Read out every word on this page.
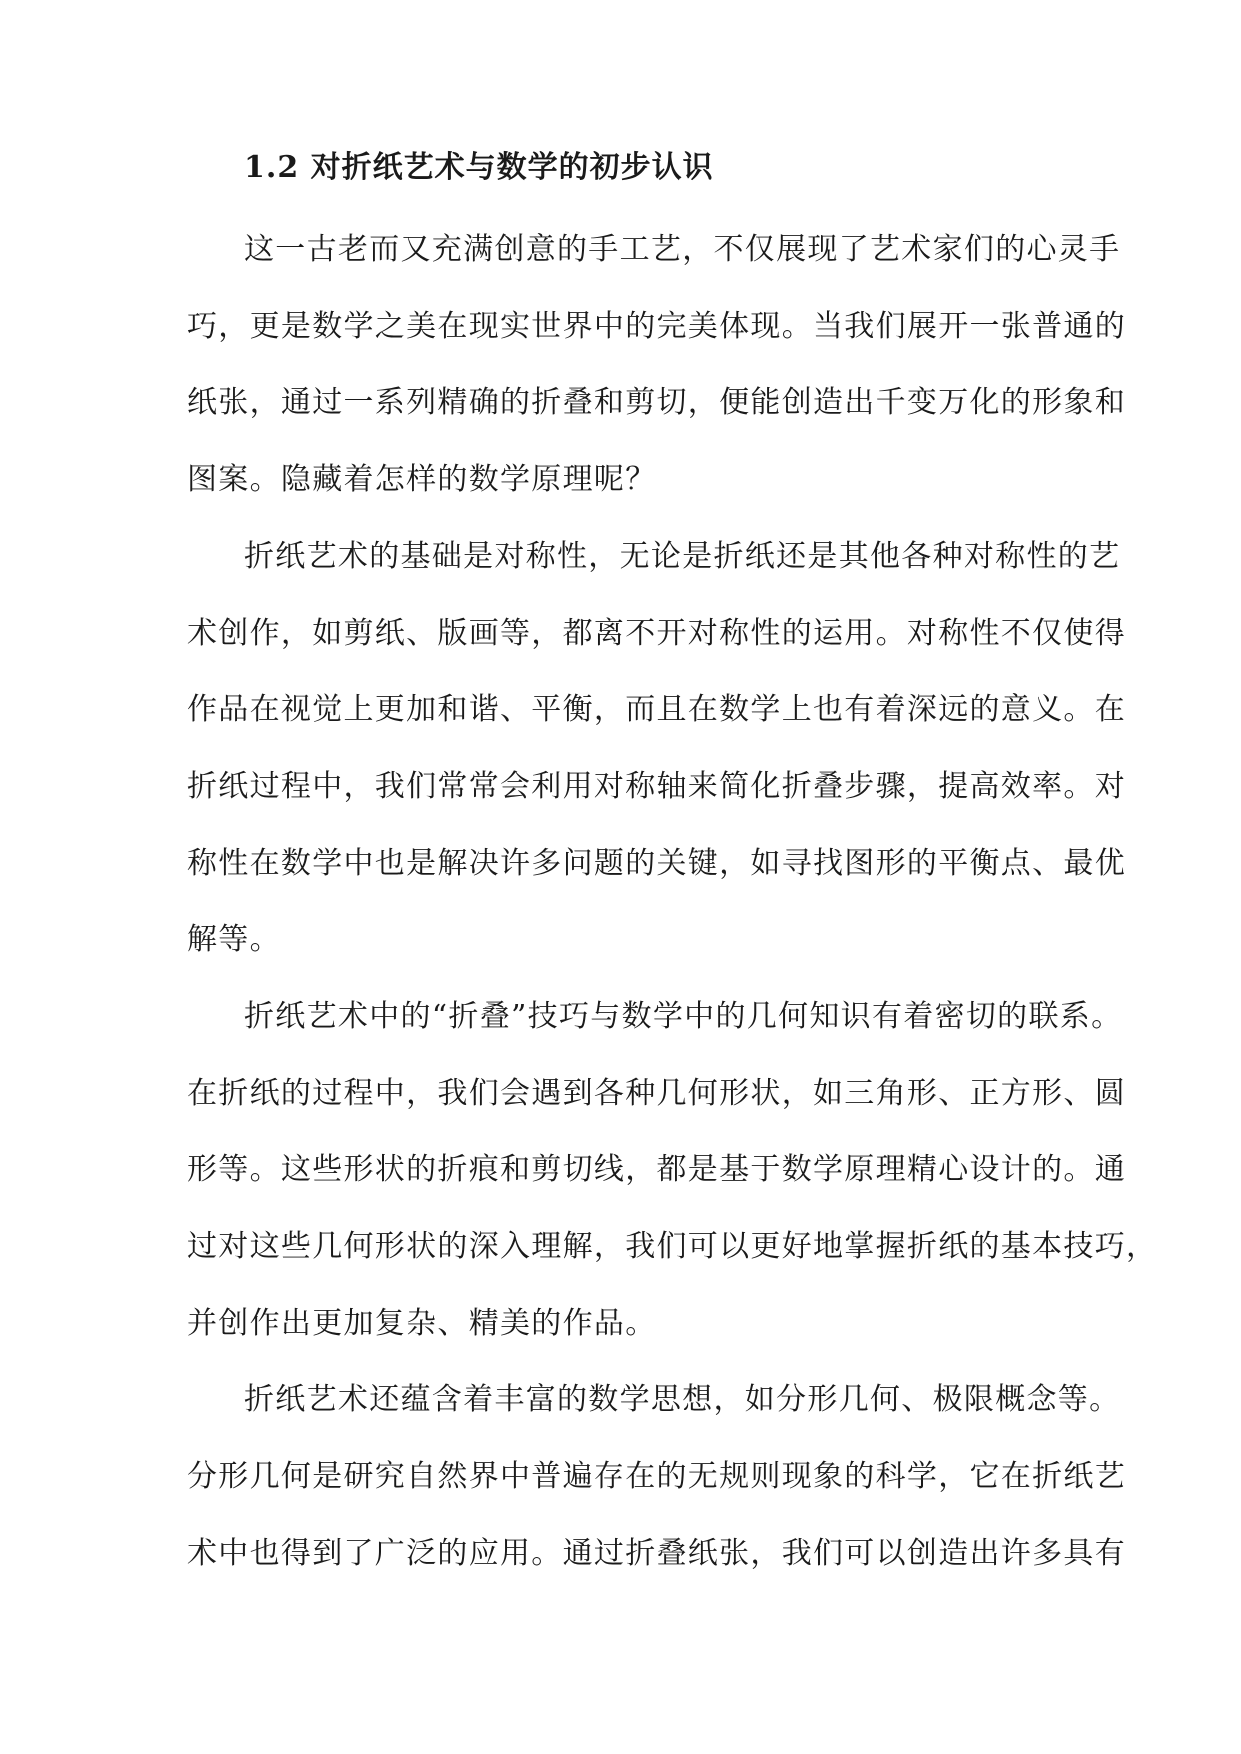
1.2 对折纸艺术与数学的初步认识
这一古老而又充满创意的手工艺，不仅展现了艺术家们的心灵手
巧，更是数学之美在现实世界中的完美体现。当我们展开一张普通的
纸张，通过一系列精确的折叠和剪切，便能创造出千变万化的形象和
图案。隐藏着怎样的数学原理呢？
折纸艺术的基础是对称性，无论是折纸还是其他各种对称性的艺
术创作，如剪纸、版画等，都离不开对称性的运用。对称性不仅使得
作品在视觉上更加和谐、平衡，而且在数学上也有着深远的意义。在
折纸过程中，我们常常会利用对称轴来简化折叠步骤，提高效率。对
称性在数学中也是解决许多问题的关键，如寻找图形的平衡点、最优
解等。
折纸艺术中的“折叠”技巧与数学中的几何知识有着密切的联系。
在折纸的过程中，我们会遇到各种几何形状，如三角形、正方形、圆
形等。这些形状的折痕和剪切线，都是基于数学原理精心设计的。通
过对这些几何形状的深入理解，我们可以更好地掌握折纸的基本技巧，
并创作出更加复杂、精美的作品。
折纸艺术还蕴含着丰富的数学思想，如分形几何、极限概念等。
分形几何是研究自然界中普遍存在的无规则现象的科学，它在折纸艺
术中也得到了广泛的应用。通过折叠纸张，我们可以创造出许多具有
